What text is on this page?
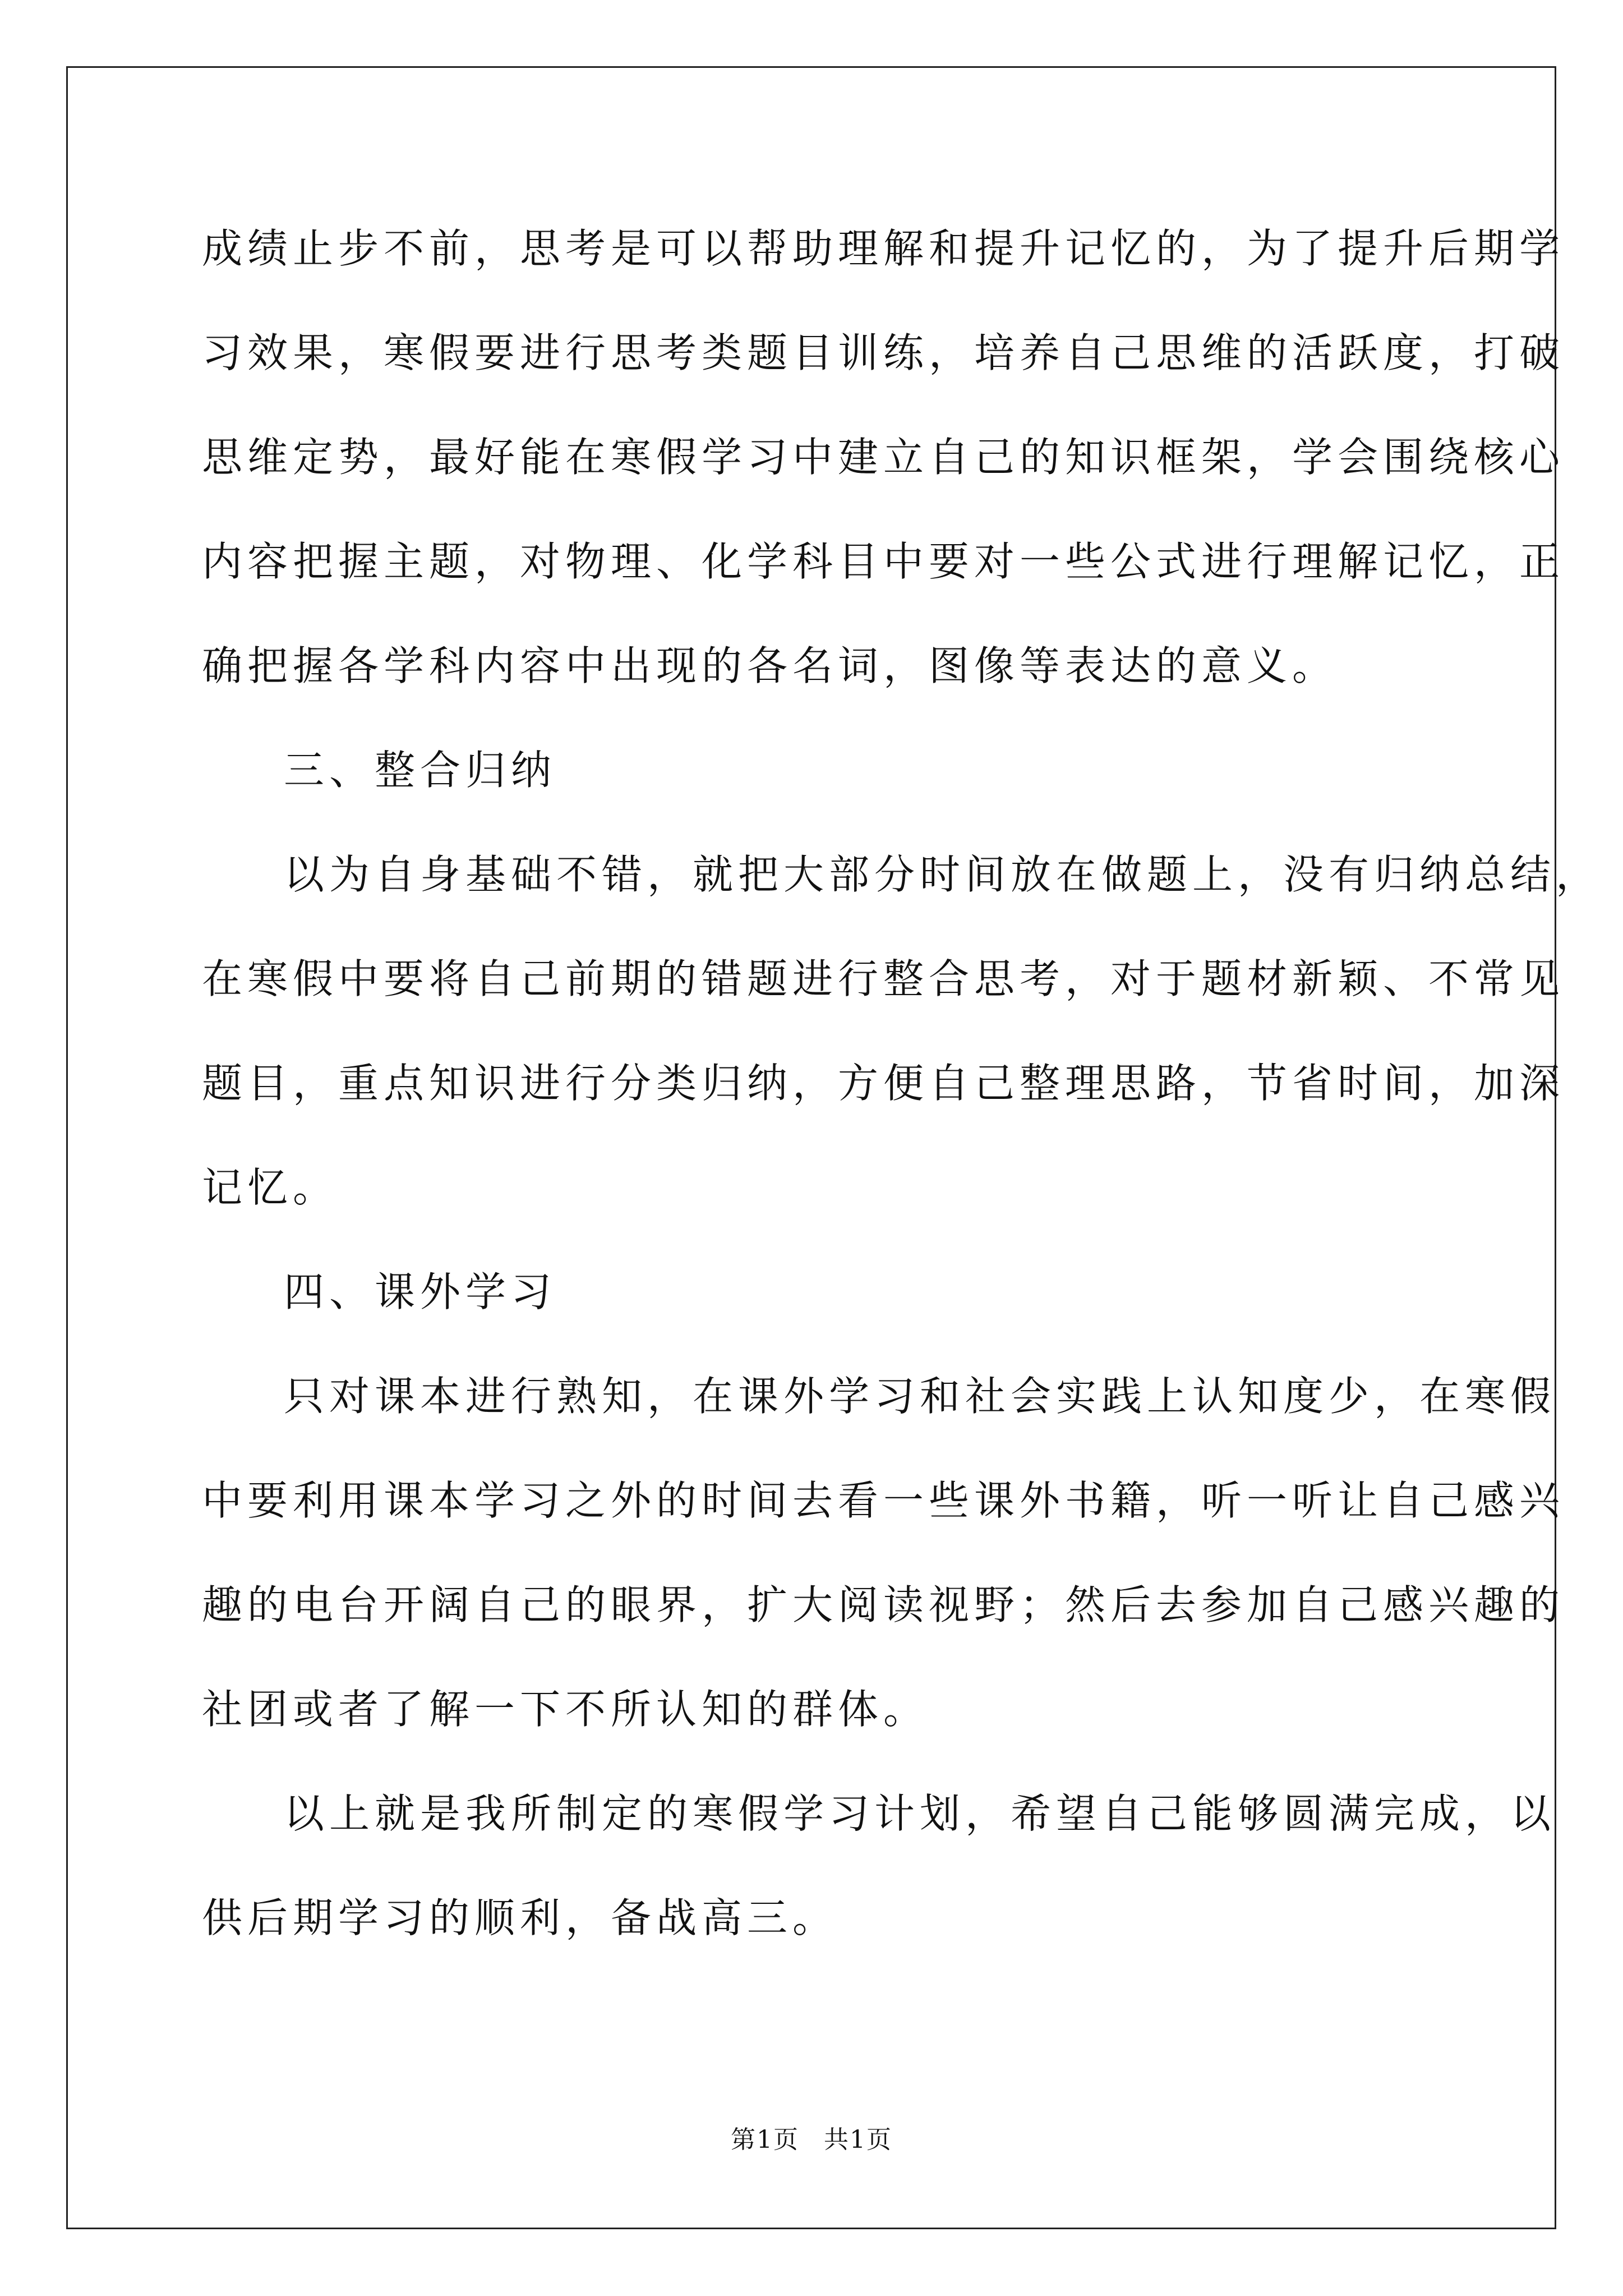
成绩止步不前，思考是可以帮助理解和提升记忆的，为了提升后期学
习效果，寒假要进行思考类题目训练，培养自己思维的活跃度，打破
思维定势，最好能在寒假学习中建立自己的知识框架，学会围绕核心
内容把握主题，对物理、化学科目中要对一些公式进行理解记忆，正
确把握各学科内容中出现的各名词，图像等表达的意义。
三、整合归纳
以为自身基础不错，就把大部分时间放在做题上，没有归纳总结，
在寒假中要将自己前期的错题进行整合思考，对于题材新颖、不常见
题目，重点知识进行分类归纳，方便自己整理思路，节省时间，加深
记忆。
四、课外学习
只对课本进行熟知，在课外学习和社会实践上认知度少，在寒假
中要利用课本学习之外的时间去看一些课外书籍，听一听让自己感兴
趣的电台开阔自己的眼界，扩大阅读视野；然后去参加自己感兴趣的
社团或者了解一下不所认知的群体。
以上就是我所制定的寒假学习计划，希望自己能够圆满完成，以
供后期学习的顺利，备战高三。
第1页 共1页
